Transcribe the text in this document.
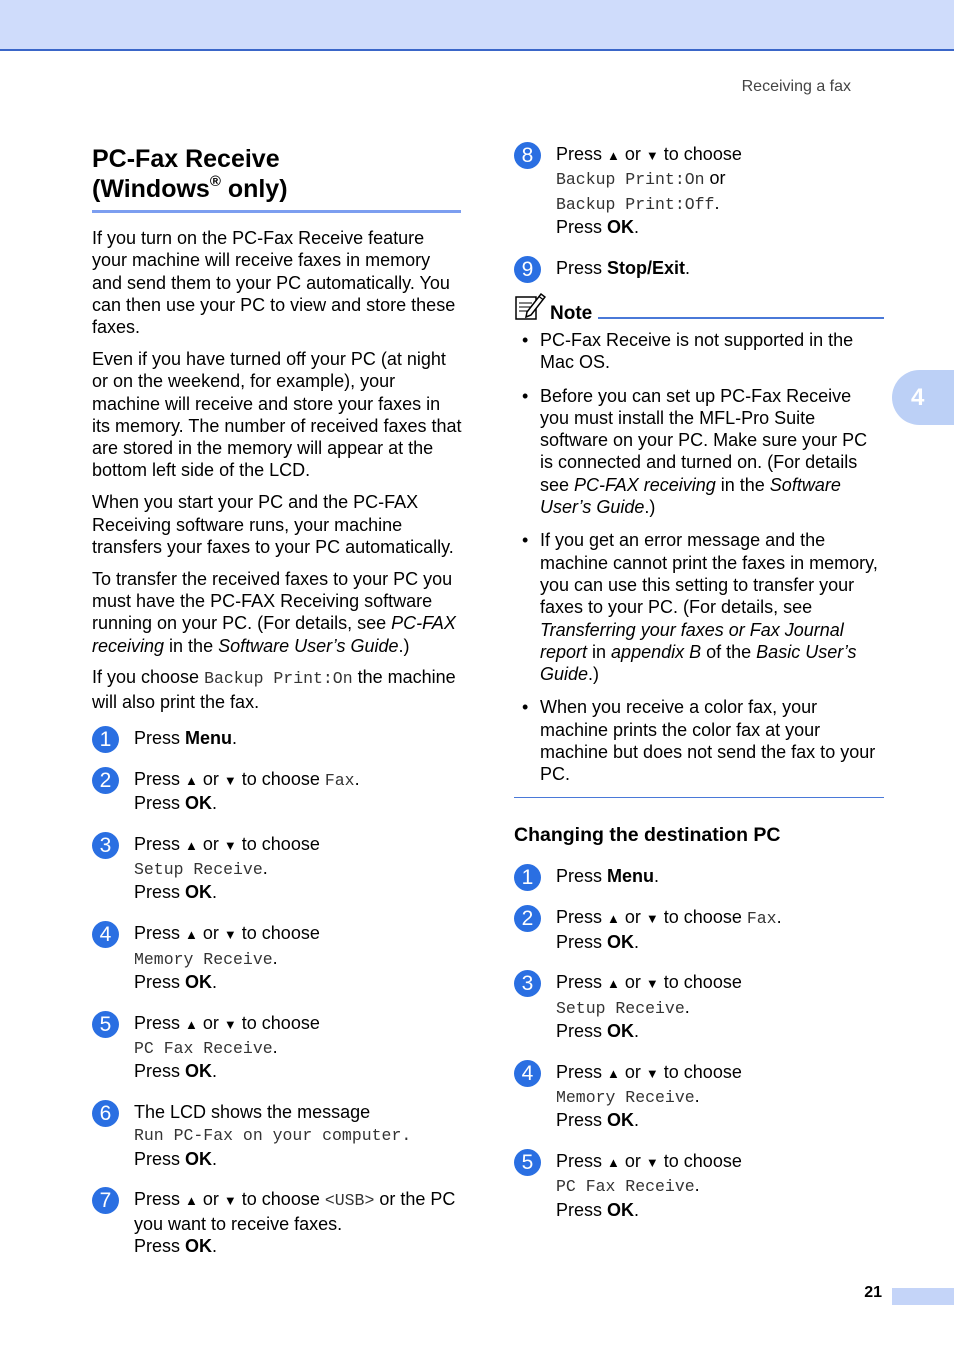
Receiving a fax
4
PC-Fax Receive
(Windows® only)

If you turn on the PC-Fax Receive feature your machine will receive faxes in memory and send them to your PC automatically. You can then use your PC to view and store these faxes.

Even if you have turned off your PC (at night or on the weekend, for example), your machine will receive and store your faxes in its memory. The number of received faxes that are stored in the memory will appear at the bottom left side of the LCD.

When you start your PC and the PC-FAX Receiving software runs, your machine transfers your faxes to your PC automatically.

To transfer the received faxes to your PC you must have the PC-FAX Receiving software running on your PC. (For details, see PC-FAX receiving in the Software User’s Guide.)

If you choose Backup Print:On the machine will also print the fax.

1	Press Menu.
2	Press ▲ or ▼ to choose Fax.
Press OK.
3	Press ▲ or ▼ to choose
Setup Receive.
Press OK.
4	Press ▲ or ▼ to choose
Memory Receive.
Press OK.
5	Press ▲ or ▼ to choose
PC Fax Receive.
Press OK.
6	The LCD shows the message
Run PC-Fax on your computer.
Press OK.
7	Press ▲ or ▼ to choose <USB> or the PC you want to receive faxes.
Press OK.
8	Press ▲ or ▼ to choose
Backup Print:On or
Backup Print:Off.
Press OK.
9	Press Stop/Exit.
Note
• PC-Fax Receive is not supported in the Mac OS.
• Before you can set up PC-Fax Receive you must install the MFL-Pro Suite software on your PC. Make sure your PC is connected and turned on. (For details see PC-FAX receiving in the Software User’s Guide.)
• If you get an error message and the machine cannot print the faxes in memory, you can use this setting to transfer your faxes to your PC. (For details, see Transferring your faxes or Fax Journal report in appendix B of the Basic User’s Guide.)
• When you receive a color fax, your machine prints the color fax at your machine but does not send the fax to your PC.
Changing the destination PC
1	Press Menu.
2	Press ▲ or ▼ to choose Fax.
Press OK.
3	Press ▲ or ▼ to choose
Setup Receive.
Press OK.
4	Press ▲ or ▼ to choose
Memory Receive.
Press OK.
5	Press ▲ or ▼ to choose
PC Fax Receive.
Press OK.
21
